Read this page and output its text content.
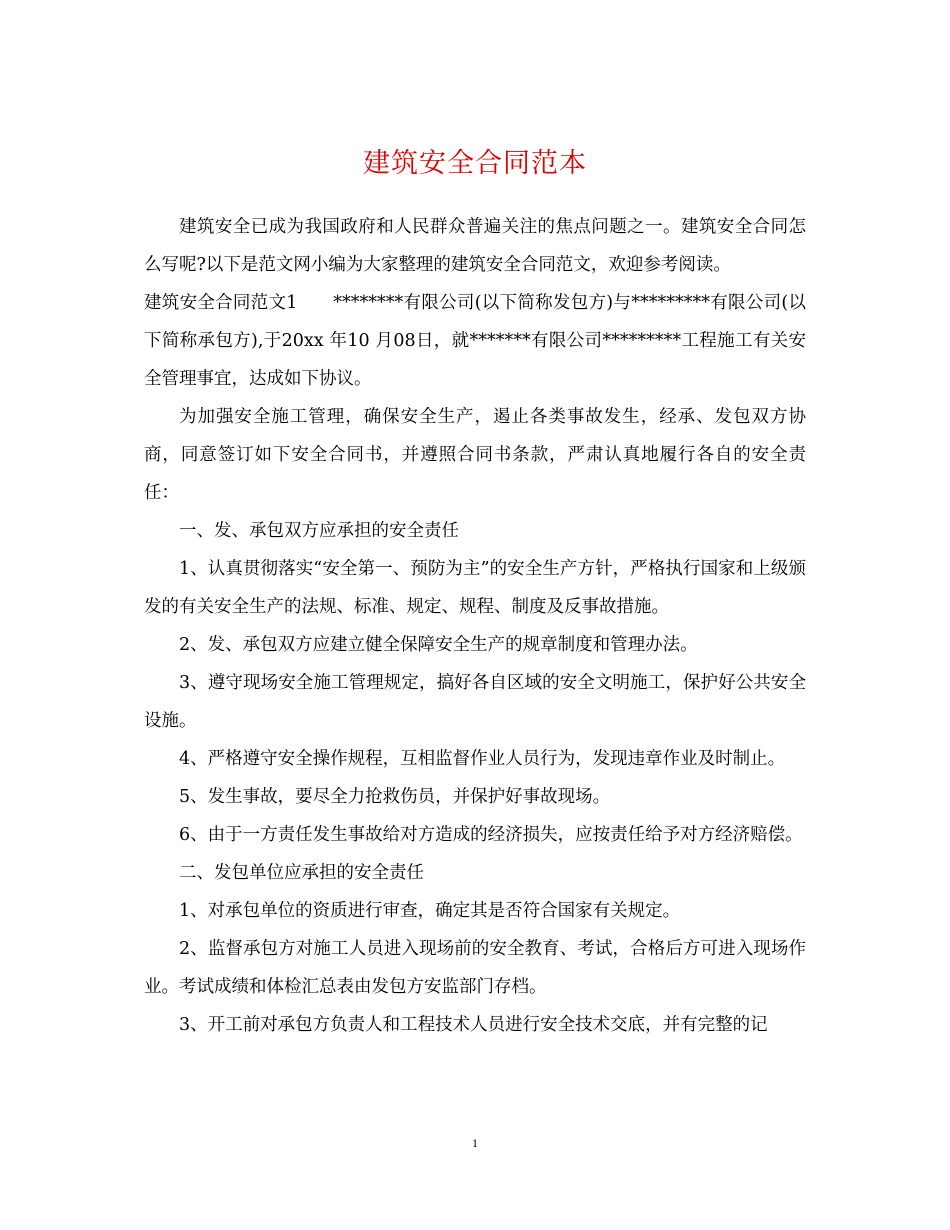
建筑安全合同范本

建筑安全已成为我国政府和人民群众普遍关注的焦点问题之一。建筑安全合同怎么写呢?以下是范文网小编为大家整理的建筑安全合同范文，欢迎参考阅读。

建筑安全合同范文1　　********有限公司(以下简称发包方)与*********有限公司(以下简称承包方),于20xx 年10 月08日，就*******有限公司*********工程施工有关安全管理事宜，达成如下协议。

为加强安全施工管理，确保安全生产，遏止各类事故发生，经承、发包双方协商，同意签订如下安全合同书，并遵照合同书条款，严肃认真地履行各自的安全责任：

一、发、承包双方应承担的安全责任

1、认真贯彻落实“安全第一、预防为主”的安全生产方针，严格执行国家和上级颁发的有关安全生产的法规、标准、规定、规程、制度及反事故措施。

2、发、承包双方应建立健全保障安全生产的规章制度和管理办法。

3、遵守现场安全施工管理规定，搞好各自区域的安全文明施工，保护好公共安全设施。

4、严格遵守安全操作规程，互相监督作业人员行为，发现违章作业及时制止。

5、发生事故，要尽全力抢救伤员，并保护好事故现场。

6、由于一方责任发生事故给对方造成的经济损失，应按责任给予对方经济赔偿。

二、发包单位应承担的安全责任

1、对承包单位的资质进行审查，确定其是否符合国家有关规定。

2、监督承包方对施工人员进入现场前的安全教育、考试，合格后方可进入现场作业。考试成绩和体检汇总表由发包方安监部门存档。

3、开工前对承包方负责人和工程技术人员进行安全技术交底，并有完整的记

1
